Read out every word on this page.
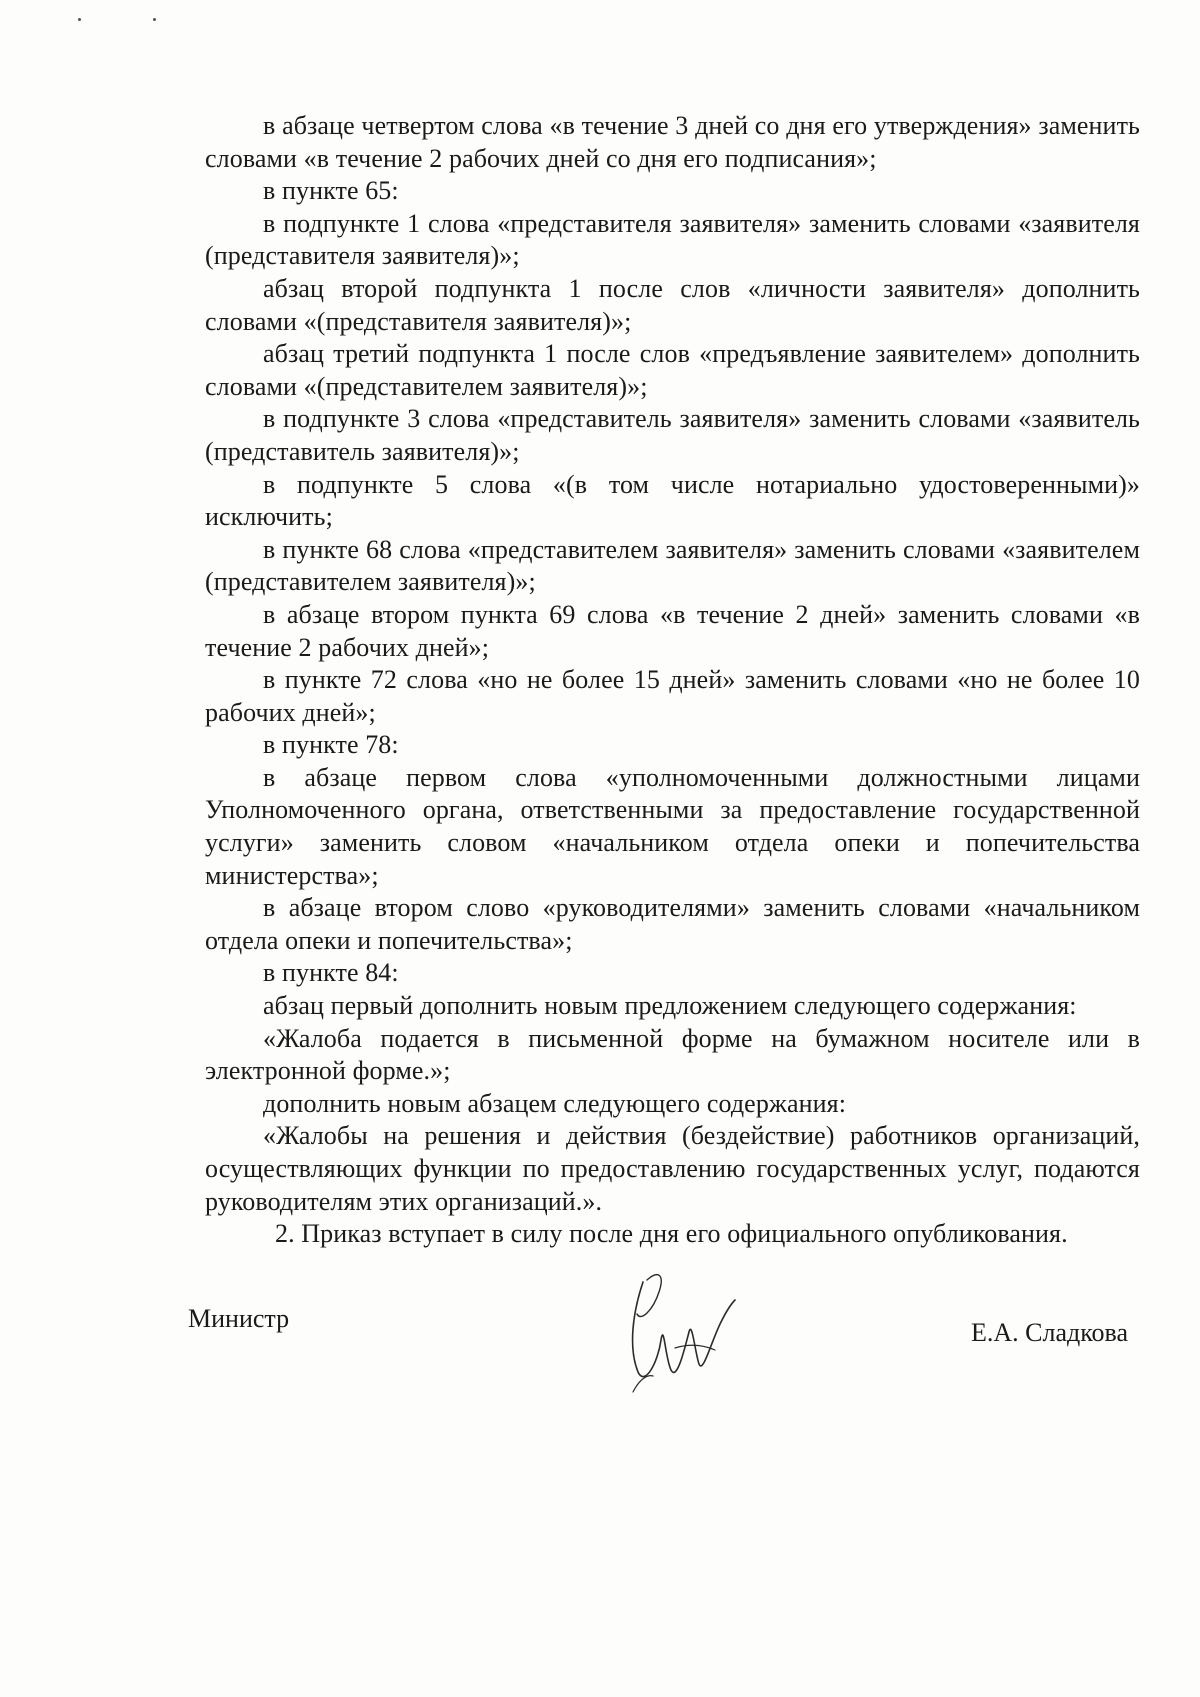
в абзаце четвертом слова «в течение 3 дней со дня его утверждения» заменить словами «в течение 2 рабочих дней со дня его подписания»;

в пункте 65:

в подпункте 1 слова «представителя заявителя» заменить словами «заявителя (представителя заявителя)»;

абзац второй подпункта 1 после слов «личности заявителя» дополнить словами «(представителя заявителя)»;

абзац третий подпункта 1 после слов «предъявление заявителем» дополнить словами «(представителем заявителя)»;

в подпункте 3 слова «представитель заявителя» заменить словами «заявитель (представитель заявителя)»;

в подпункте 5 слова «(в том числе нотариально удостоверенными)» исключить;

в пункте 68 слова «представителем заявителя» заменить словами «заявителем (представителем заявителя)»;

в абзаце втором пункта 69 слова «в течение 2 дней» заменить словами «в течение 2 рабочих дней»;

в пункте 72 слова «но не более 15 дней» заменить словами «но не более 10 рабочих дней»;

в пункте 78:

в абзаце первом слова «уполномоченными должностными лицами Уполномоченного органа, ответственными за предоставление государственной услуги» заменить словом «начальником отдела опеки и попечительства министерства»;

в абзаце втором слово «руководителями» заменить словами «начальником отдела опеки и попечительства»;

в пункте 84:

абзац первый дополнить новым предложением следующего содержания:

«Жалоба подается в письменной форме на бумажном носителе или в электронной форме.»;

дополнить новым абзацем следующего содержания:

«Жалобы на решения и действия (бездействие) работников организаций, осуществляющих функции по предоставлению государственных услуг, подаются руководителям этих организаций.».

2. Приказ вступает в силу после дня его официального опубликования.

Министр	Е.А. Сладкова
